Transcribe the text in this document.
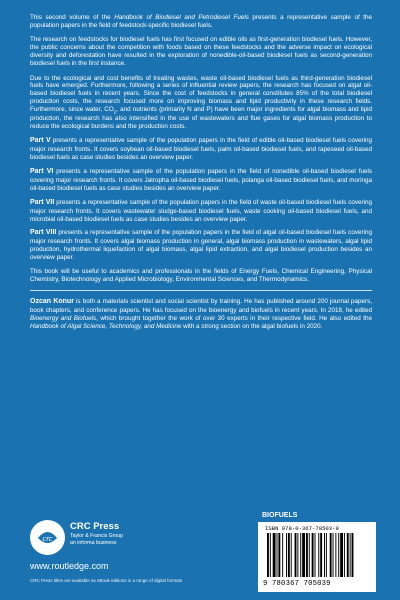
This second volume of the Handbook of Biodiesel and Petrodiesel Fuels presents a representative sample of the population papers in the field of feedstock-specific biodiesel fuels.

The research on feedstocks for biodiesel fuels has first focused on edible oils as first-generation biodiesel fuels. However, the public concerns about the competition with foods based on these feedstocks and the adverse impact on ecological diversity and deforestation have resulted in the exploration of nonedible-oil-based biodiesel fuels as second-generation biodiesel fuels in the first instance.

Due to the ecological and cost benefits of treating wastes, waste oil-based biodiesel fuels as third-generation biodiesel fuels have emerged. Furthermore, following a series of influential review papers, the research has focused on algal oil-based biodiesel fuels in recent years. Since the cost of feedstocks in general constitutes 85% of the total biodiesel production costs, the research focused more on improving biomass and lipid productivity in these research fields. Furthermore, since water, $CO_2$, and nutrients (primarily N and P) have been major ingredients for algal biomass and lipid production, the research has also intensified in the use of wastewaters and flue gases for algal biomass production to reduce the ecological burdens and the production costs.

Part V presents a representative sample of the population papers in the field of edible oil-based biodiesel fuels covering major research fronts. It covers soybean oil-based biodiesel fuels, palm oil-based biodiesel fuels, and rapeseed oil-based biodiesel fuels as case studies besides an overview paper.

Part VI presents a representative sample of the population papers in the field of nonedible oil-based biodiesel fuels covering major research fronts. It covers Jatropha oil-based biodiesel fuels, polanga oil-based biodiesel fuels, and moringa oil-based biodiesel fuels as case studies besides an overview paper.

Part VII presents a representative sample of the population papers in the field of waste oil-based biodiesel fuels covering major research fronts. It covers wastewater sludge-based biodiesel fuels, waste cooking oil-based biodiesel fuels, and microbial oil-based biodiesel fuels as case studies besides an overview paper.

Part VIII presents a representative sample of the population papers in the field of algal oil-based biodiesel fuels covering major research fronts. It covers algal biomass production in general, algal biomass production in wastewaters, algal lipid production, hydrothermal liquefaction of algal biomass, algal lipid extraction, and algal biodiesel production besides an overview paper.

This book will be useful to academics and professionals in the fields of Energy Fuels, Chemical Engineering, Physical Chemistry, Biotechnology and Applied Microbiology, Environmental Sciences, and Thermodynamics.

Ozcan Konur is both a materials scientist and social scientist by training. He has published around 200 journal papers, book chapters, and conference papers. He has focused on the bioenergy and biofuels in recent years. In 2018, he edited Bioenergy and Biofuels, which brought together the work of over 30 experts in their respective field. He also edited the Handbook of Algal Science, Technology, and Medicine with a strong section on the algal biofuels in 2020.

crc
CRC Press
Taylor & Francis Group
an informa business
www.routledge.com
CRC Press titles are available as eBook editions in a range of digital formats
BIOFUELS
ISBN 978-0-367-70503-9
9 780367 705039
